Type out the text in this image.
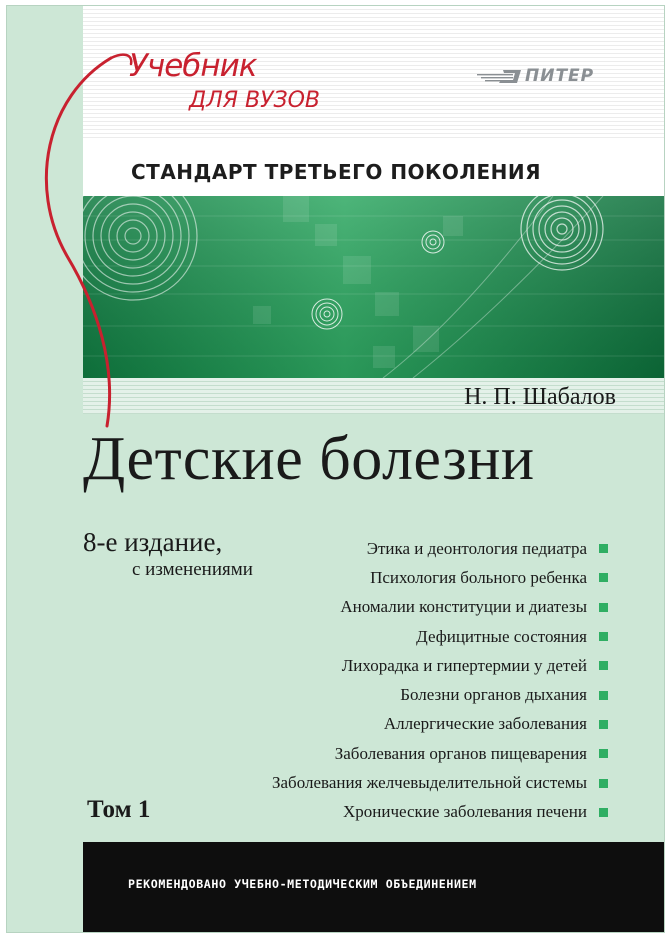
Учебник
ДЛЯ ВУЗОВ
ПИТЕР
СТАНДАРТ ТРЕТЬЕГО ПОКОЛЕНИЯ
Н. П. Шабалов
Детские болезни
8-е издание,
с изменениями
Этика и деонтология педиатра
Психология больного ребенка
Аномалии конституции и диатезы
Дефицитные состояния
Лихорадка и гипертермии у детей
Болезни органов дыхания
Аллергические заболевания
Заболевания органов пищеварения
Заболевания желчевыделительной системы
Хронические заболевания печени
Том 1
РЕКОМЕНДОВАНО УЧЕБНО-МЕТОДИЧЕСКИМ ОБЪЕДИНЕНИЕМ
